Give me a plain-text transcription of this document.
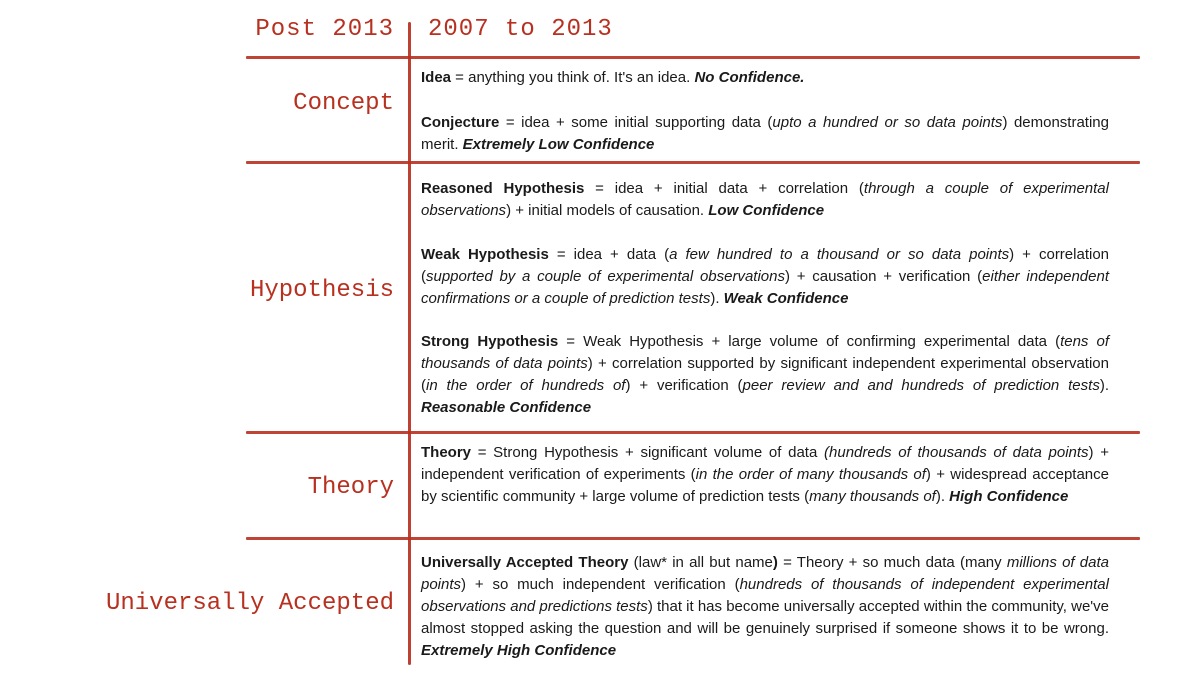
Post 2013 2007 to 2013
Concept
Hypothesis
Theory
Universally Accepted
Idea = anything you think of. It's an idea. No Confidence.
Conjecture = idea + some initial supporting data (upto a hundred or so data points) demonstrating merit. Extremely Low Confidence
Reasoned Hypothesis = idea + initial data + correlation (through a couple of experimental observations) + initial models of causation. Low Confidence
Weak Hypothesis = idea + data (a few hundred to a thousand or so data points) + correlation (supported by a couple of experimental observations) + causation + verification (either independent confirmations or a couple of prediction tests). Weak Confidence
Strong Hypothesis = Weak Hypothesis + large volume of confirming experimental data (tens of thousands of data points) + correlation supported by significant independent experimental observation (in the order of hundreds of) + verification (peer review and and hundreds of prediction tests). Reasonable Confidence
Theory = Strong Hypothesis + significant volume of data (hundreds of thousands of data points) + independent verification of experiments (in the order of many thousands of) + widespread acceptance by scientific community + large volume of prediction tests (many thousands of). High Confidence
Universally Accepted Theory (law* in all but name) = Theory + so much data (many millions of data points) + so much independent verification (hundreds of thousands of independent experimental observations and predictions tests) that it has become universally accepted within the community, we've almost stopped asking the question and will be genuinely surprised if someone shows it to be wrong. Extremely High Confidence
